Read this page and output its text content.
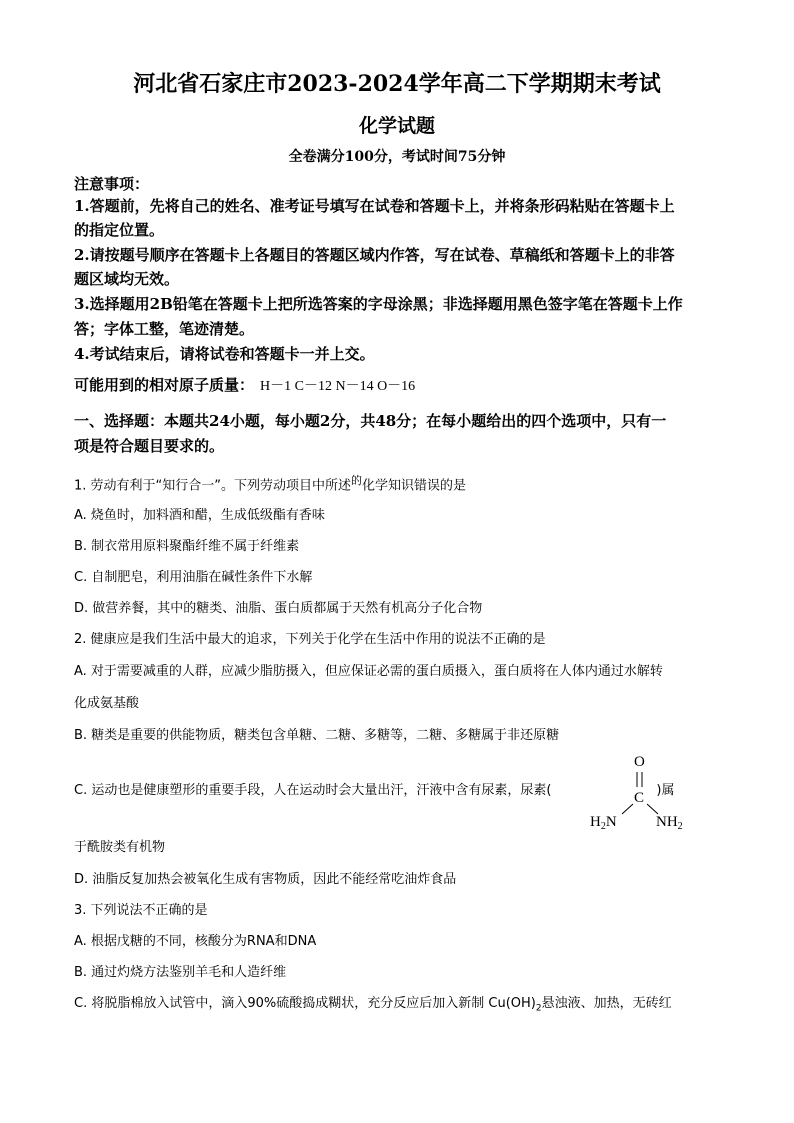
河北省石家庄市2023-2024学年高二下学期期末考试
化学试题
全卷满分100分，考试时间75分钟
注意事项：
1.答题前，先将自己的姓名、准考证号填写在试卷和答题卡上，并将条形码粘贴在答题卡上
的指定位置。
2.请按题号顺序在答题卡上各题目的答题区域内作答，写在试卷、草稿纸和答题卡上的非答
题区域均无效。
3.选择题用2B铅笔在答题卡上把所选答案的字母涂黑；非选择题用黑色签字笔在答题卡上作
答；字体工整，笔迹清楚。
4.考试结束后，请将试卷和答题卡一并上交。
可能用到的相对原子质量： H－1 C－12 N－14 O－16
一、选择题：本题共24小题，每小题2分，共48分；在每小题给出的四个选项中，只有一
项是符合题目要求的。
1. 劳动有利于“知行合一”。下列劳动项目中所述$^的$化学知识错误的是
A. 烧鱼时，加料酒和醋，生成低级酯有香味
B. 制衣常用原料聚酯纤维不属于纤维素
C. 自制肥皂，利用油脂在碱性条件下水解
D. 做营养餐，其中的糖类、油脂、蛋白质都属于天然有机高分子化合物
2. 健康应是我们生活中最大的追求，下列关于化学在生活中作用的说法不正确的是
A. 对于需要减重的人群，应减少脂肪摄入，但应保证必需的蛋白质摄入，蛋白质将在人体内通过水解转
化成氨基酸
B. 糖类是重要的供能物质，糖类包含单糖、二糖、多糖等，二糖、多糖属于非还原糖
C. 运动也是健康塑形的重要手段，人在运动时会大量出汗，汗液中含有尿素，尿素(	)属
O
C
$H_2N$	$NH_2$
于酰胺类有机物
D. 油脂反复加热会被氧化生成有害物质，因此不能经常吃油炸食品
3. 下列说法不正确的是
A. 根据戊糖的不同，核酸分为RNA和DNA
B. 通过灼烧方法鉴别羊毛和人造纤维
C. 将脱脂棉放入试管中，滴入90%硫酸捣成糊状，充分反应后加入新制 $Cu(OH)_2$悬浊液、加热，无砖红
